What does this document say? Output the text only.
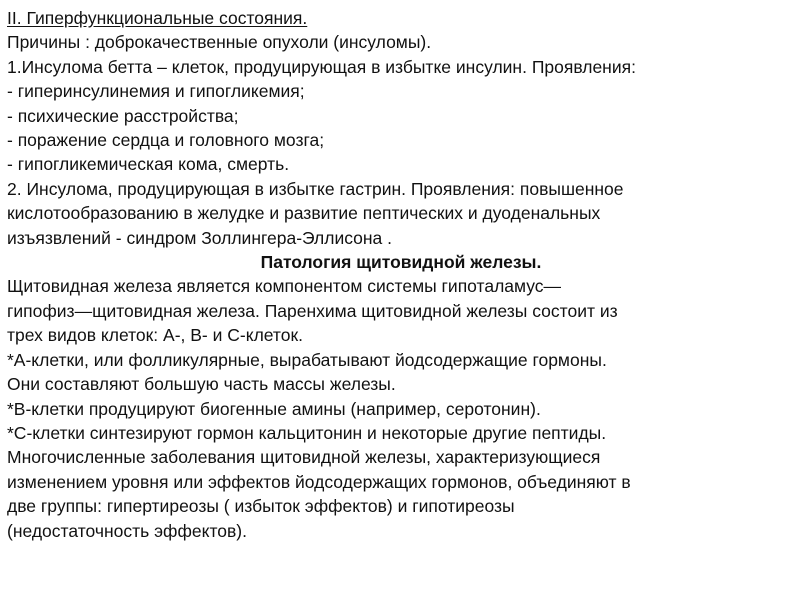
II. Гиперфункциональные состояния.
Причины : доброкачественные опухоли (инсуломы).
1.Инсулома бетта – клеток, продуцирующая в избытке инсулин. Проявления:
- гиперинсулинемия и гипогликемия;
- психические расстройства;
- поражение сердца и головного мозга;
- гипогликемическая кома, смерть.
2. Инсулома, продуцирующая в избытке гастрин. Проявления: повышенное
кислотообразованию в желудке и развитие пептических и дуоденальных
изъязвлений - синдром Золлингера-Эллисона .
Патология щитовидной железы.
Щитовидная железа является компонентом системы гипоталамус—
гипофиз—щитовидная железа. Паренхима щитовидной железы состоит из
трех видов клеток: А-, В- и С-клеток.
*А-клетки, или фолликулярные, вырабатывают йодсодержащие гормоны.
Они составляют большую часть массы железы.
*В-клетки продуцируют биогенные амины (например, серотонин).
*С-клетки синтезируют гормон кальцитонин и некоторые другие пептиды.
Многочисленные заболевания щитовидной железы, характеризующиеся
изменением уровня или эффектов йодсодержащих гормонов, объединяют в
две группы: гипертиреозы ( избыток эффектов) и гипотиреозы
(недостаточность эффектов).
